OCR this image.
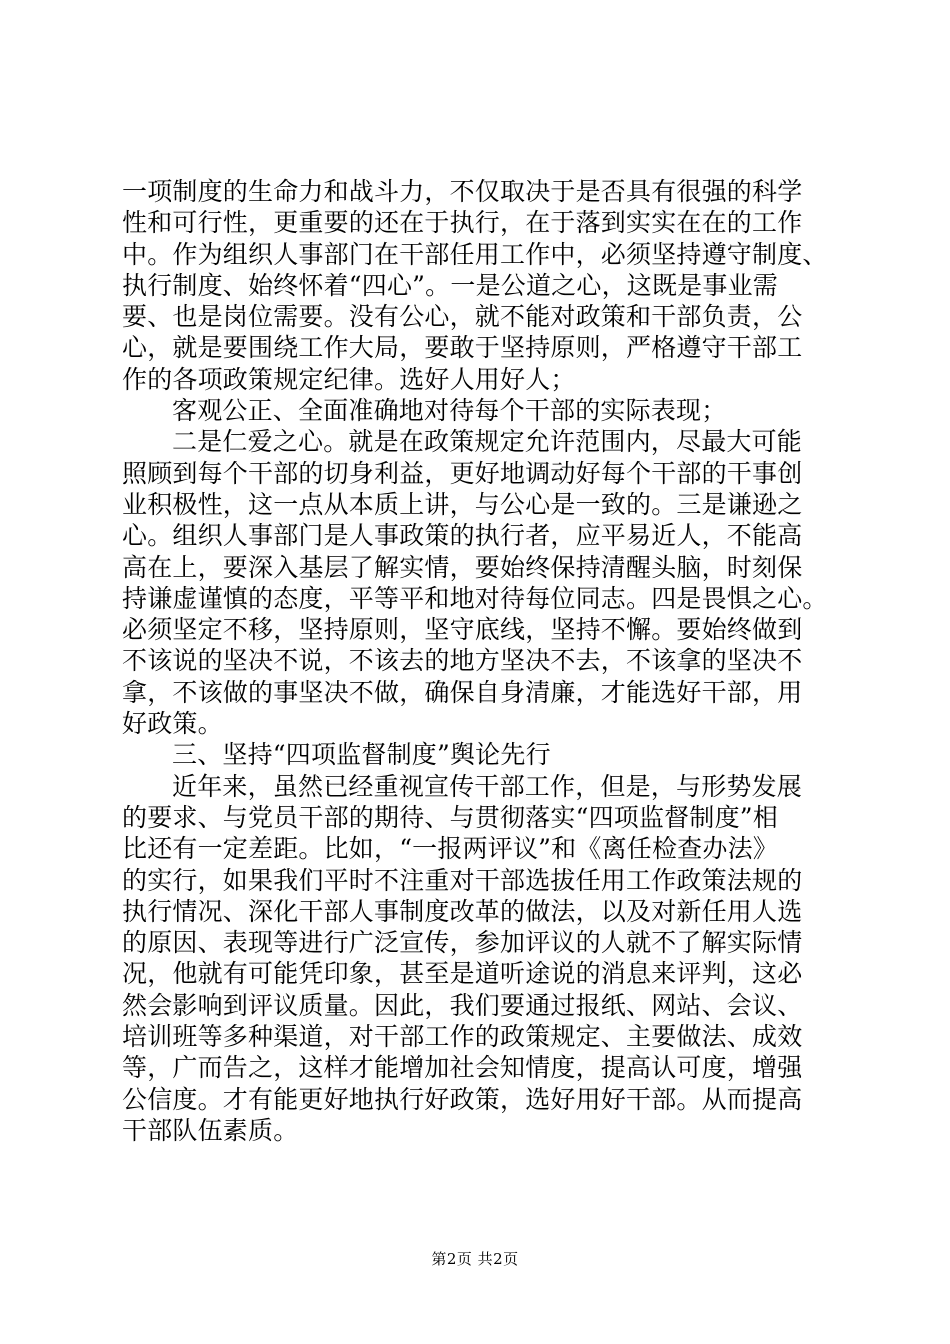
一项制度的生命力和战斗力，不仅取决于是否具有很强的科学
性和可行性，更重要的还在于执行，在于落到实实在在的工作
中。作为组织人事部门在干部任用工作中，必须坚持遵守制度、
执行制度、始终怀着“四心”。一是公道之心，这既是事业需
要、也是岗位需要。没有公心，就不能对政策和干部负责，公
心，就是要围绕工作大局，要敢于坚持原则，严格遵守干部工
作的各项政策规定纪律。选好人用好人；
客观公正、全面准确地对待每个干部的实际表现；
二是仁爱之心。就是在政策规定允许范围内，尽最大可能
照顾到每个干部的切身利益，更好地调动好每个干部的干事创
业积极性，这一点从本质上讲，与公心是一致的。三是谦逊之
心。组织人事部门是人事政策的执行者，应平易近人，不能高
高在上，要深入基层了解实情，要始终保持清醒头脑，时刻保
持谦虚谨慎的态度，平等平和地对待每位同志。四是畏惧之心。
必须坚定不移，坚持原则，坚守底线，坚持不懈。要始终做到
不该说的坚决不说，不该去的地方坚决不去，不该拿的坚决不
拿，不该做的事坚决不做，确保自身清廉，才能选好干部，用
好政策。
三、坚持“四项监督制度”舆论先行
近年来，虽然已经重视宣传干部工作，但是，与形势发展
的要求、与党员干部的期待、与贯彻落实“四项监督制度”相
比还有一定差距。比如，“一报两评议”和《离任检查办法》
的实行，如果我们平时不注重对干部选拔任用工作政策法规的
执行情况、深化干部人事制度改革的做法，以及对新任用人选
的原因、表现等进行广泛宣传，参加评议的人就不了解实际情
况，他就有可能凭印象，甚至是道听途说的消息来评判，这必
然会影响到评议质量。因此，我们要通过报纸、网站、会议、
培训班等多种渠道，对干部工作的政策规定、主要做法、成效
等，广而告之，这样才能增加社会知情度，提高认可度，增强
公信度。才有能更好地执行好政策，选好用好干部。从而提高
干部队伍素质。
第2页 共2页
